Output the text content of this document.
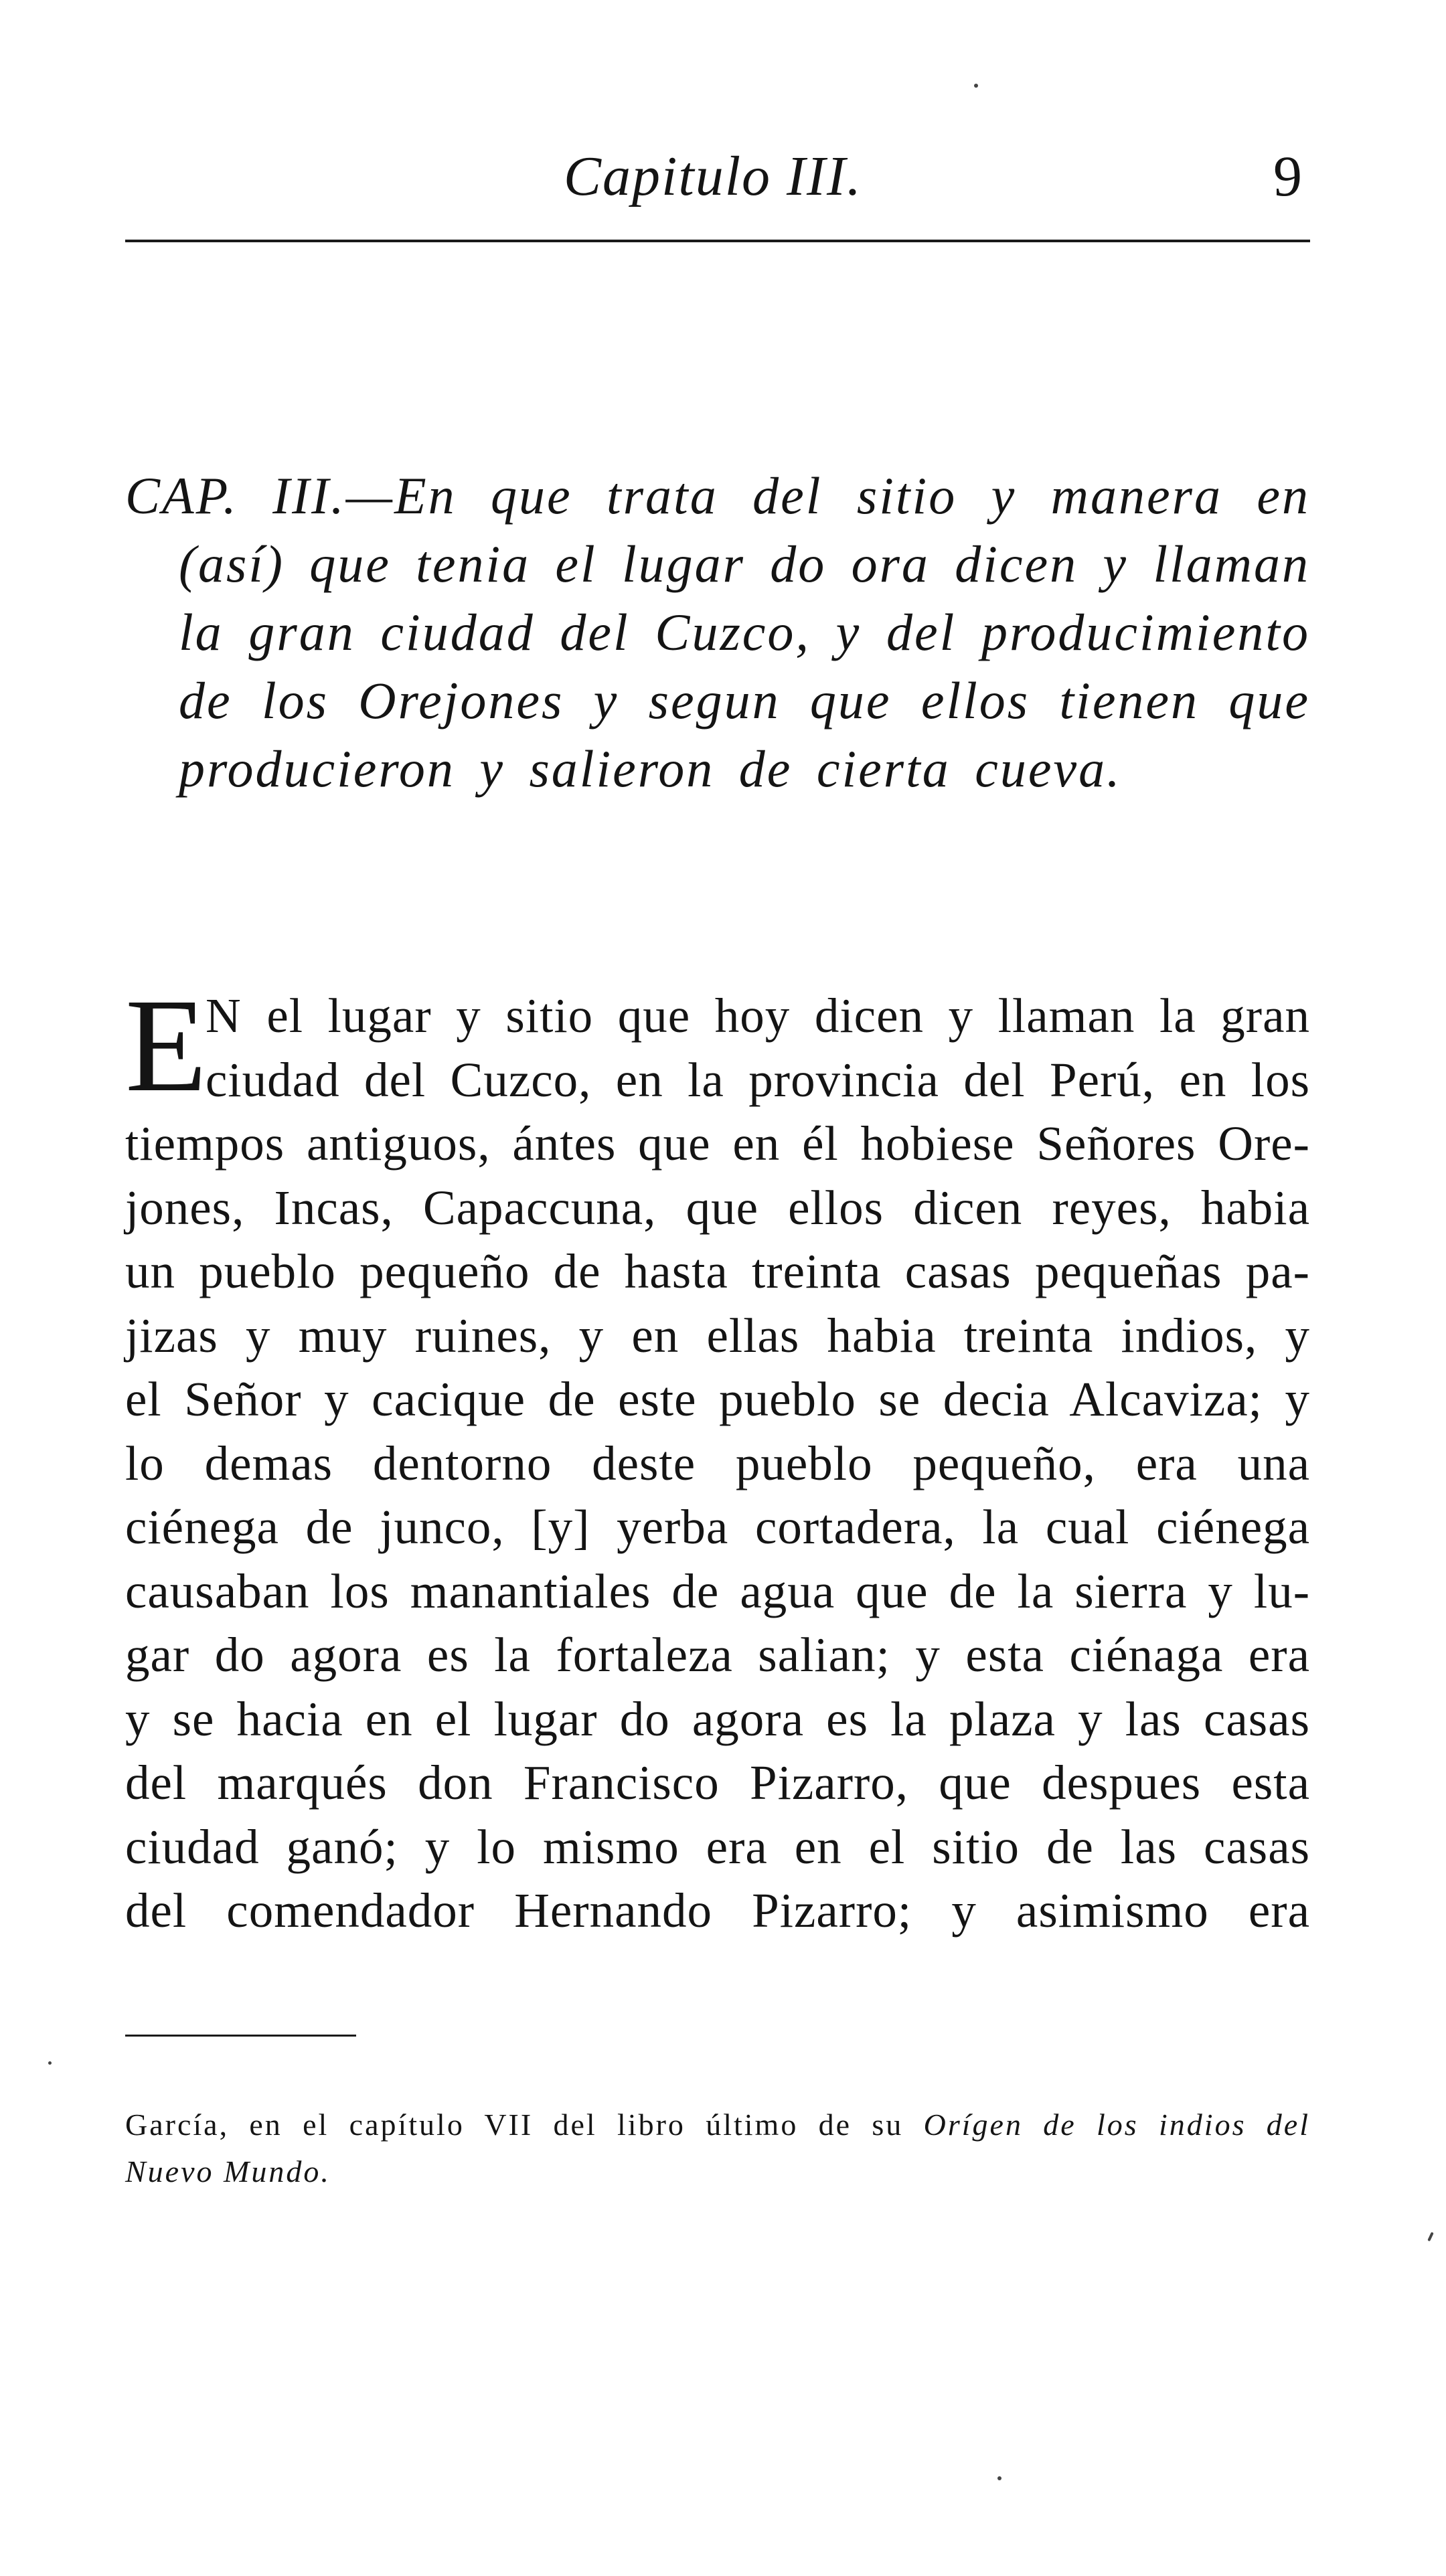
Capitulo III.	9
CAP. III.—En que trata del sitio y manera en
(así) que tenia el lugar do ora dicen y llaman
la gran ciudad del Cuzco, y del producimiento
de los Orejones y segun que ellos tienen que
producieron y salieron de cierta cueva.
E
N el lugar y sitio que hoy dicen y llaman la gran
ciudad del Cuzco, en la provincia del Perú, en los
tiempos antiguos, ántes que en él hobiese Señores Ore-
jones, Incas, Capaccuna, que ellos dicen reyes, habia
un pueblo pequeño de hasta treinta casas pequeñas pa-
jizas y muy ruines, y en ellas habia treinta indios, y
el Señor y cacique de este pueblo se decia Alcaviza; y
lo demas dentorno deste pueblo pequeño, era una
ciénega de junco, [y] yerba cortadera, la cual ciénega
causaban los manantiales de agua que de la sierra y lu-
gar do agora es la fortaleza salian; y esta ciénaga era
y se hacia en el lugar do agora es la plaza y las casas
del marqués don Francisco Pizarro, que despues esta
ciudad ganó; y lo mismo era en el sitio de las casas
del comendador Hernando Pizarro; y asimismo era
García, en el capítulo VII del libro último de su Orígen de los indios del
Nuevo Mundo.
